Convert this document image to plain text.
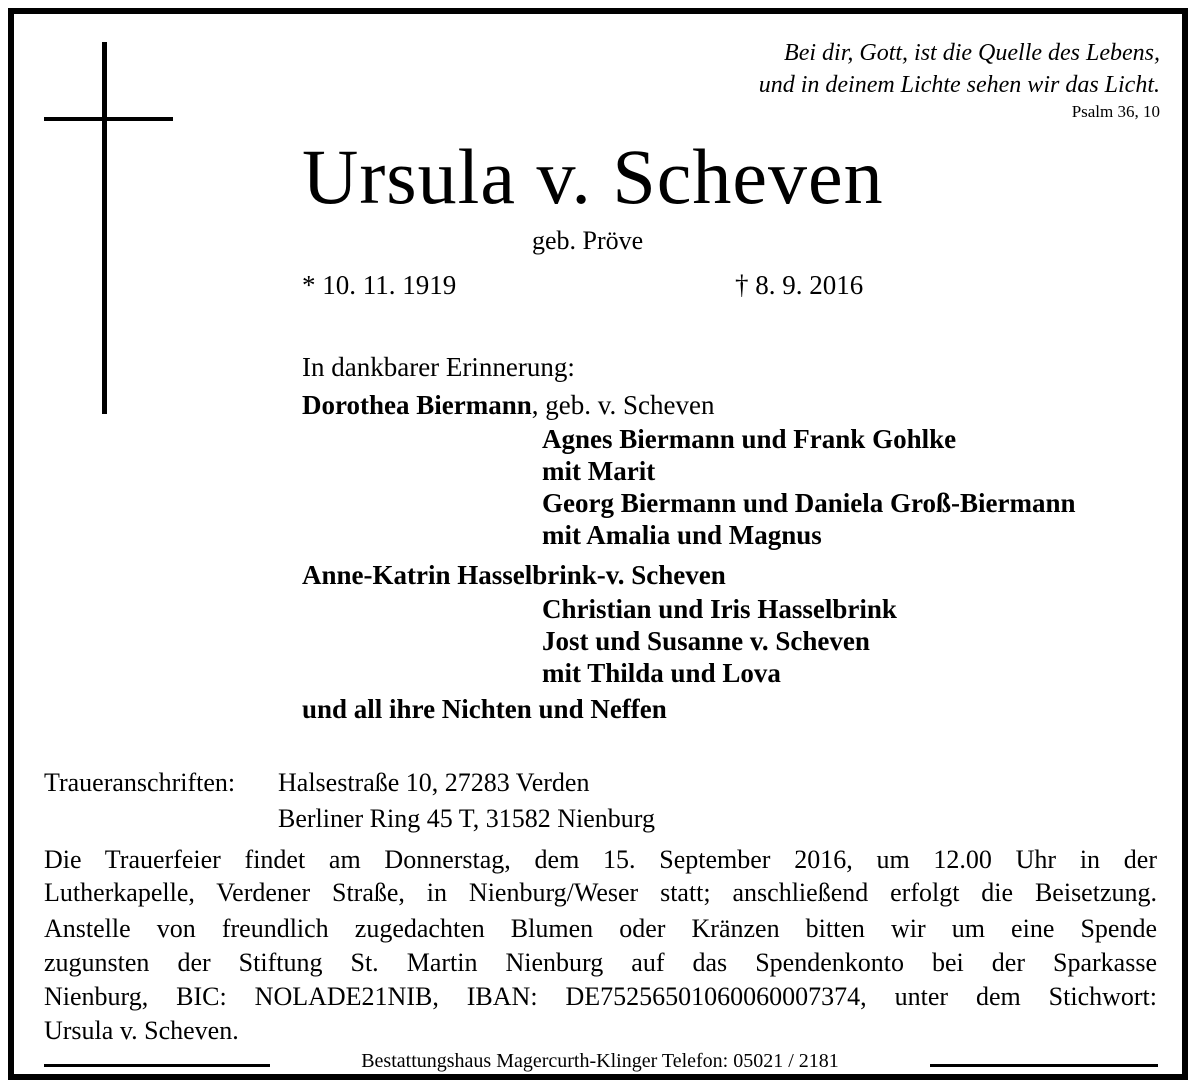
Bei dir, Gott, ist die Quelle des Lebens,
und in deinem Lichte sehen wir das Licht.
Psalm 36, 10
Ursula v. Scheven
geb. Pröve
* 10. 11. 1919	† 8. 9. 2016
In dankbarer Erinnerung:
Dorothea Biermann, geb. v. Scheven
Agnes Biermann und Frank Gohlke
mit Marit
Georg Biermann und Daniela Groß-Biermann
mit Amalia und Magnus
Anne-Katrin Hasselbrink-v. Scheven
Christian und Iris Hasselbrink
Jost und Susanne v. Scheven
mit Thilda und Lova
und all ihre Nichten und Neffen
Traueranschriften: Halsestraße 10, 27283 Verden
Berliner Ring 45 T, 31582 Nienburg
Die Trauerfeier findet am Donnerstag, dem 15. September 2016, um 12.00 Uhr in der
Lutherkapelle, Verdener Straße, in Nienburg/Weser statt; anschließend erfolgt die Beisetzung.
Anstelle von freundlich zugedachten Blumen oder Kränzen bitten wir um eine Spende
zugunsten der Stiftung St. Martin Nienburg auf das Spendenkonto bei der Sparkasse
Nienburg, BIC: NOLADE21NIB, IBAN: DE75256501060060007374, unter dem Stichwort:
Ursula v. Scheven.
Bestattungshaus Magercurth-Klinger Telefon: 05021 / 2181
